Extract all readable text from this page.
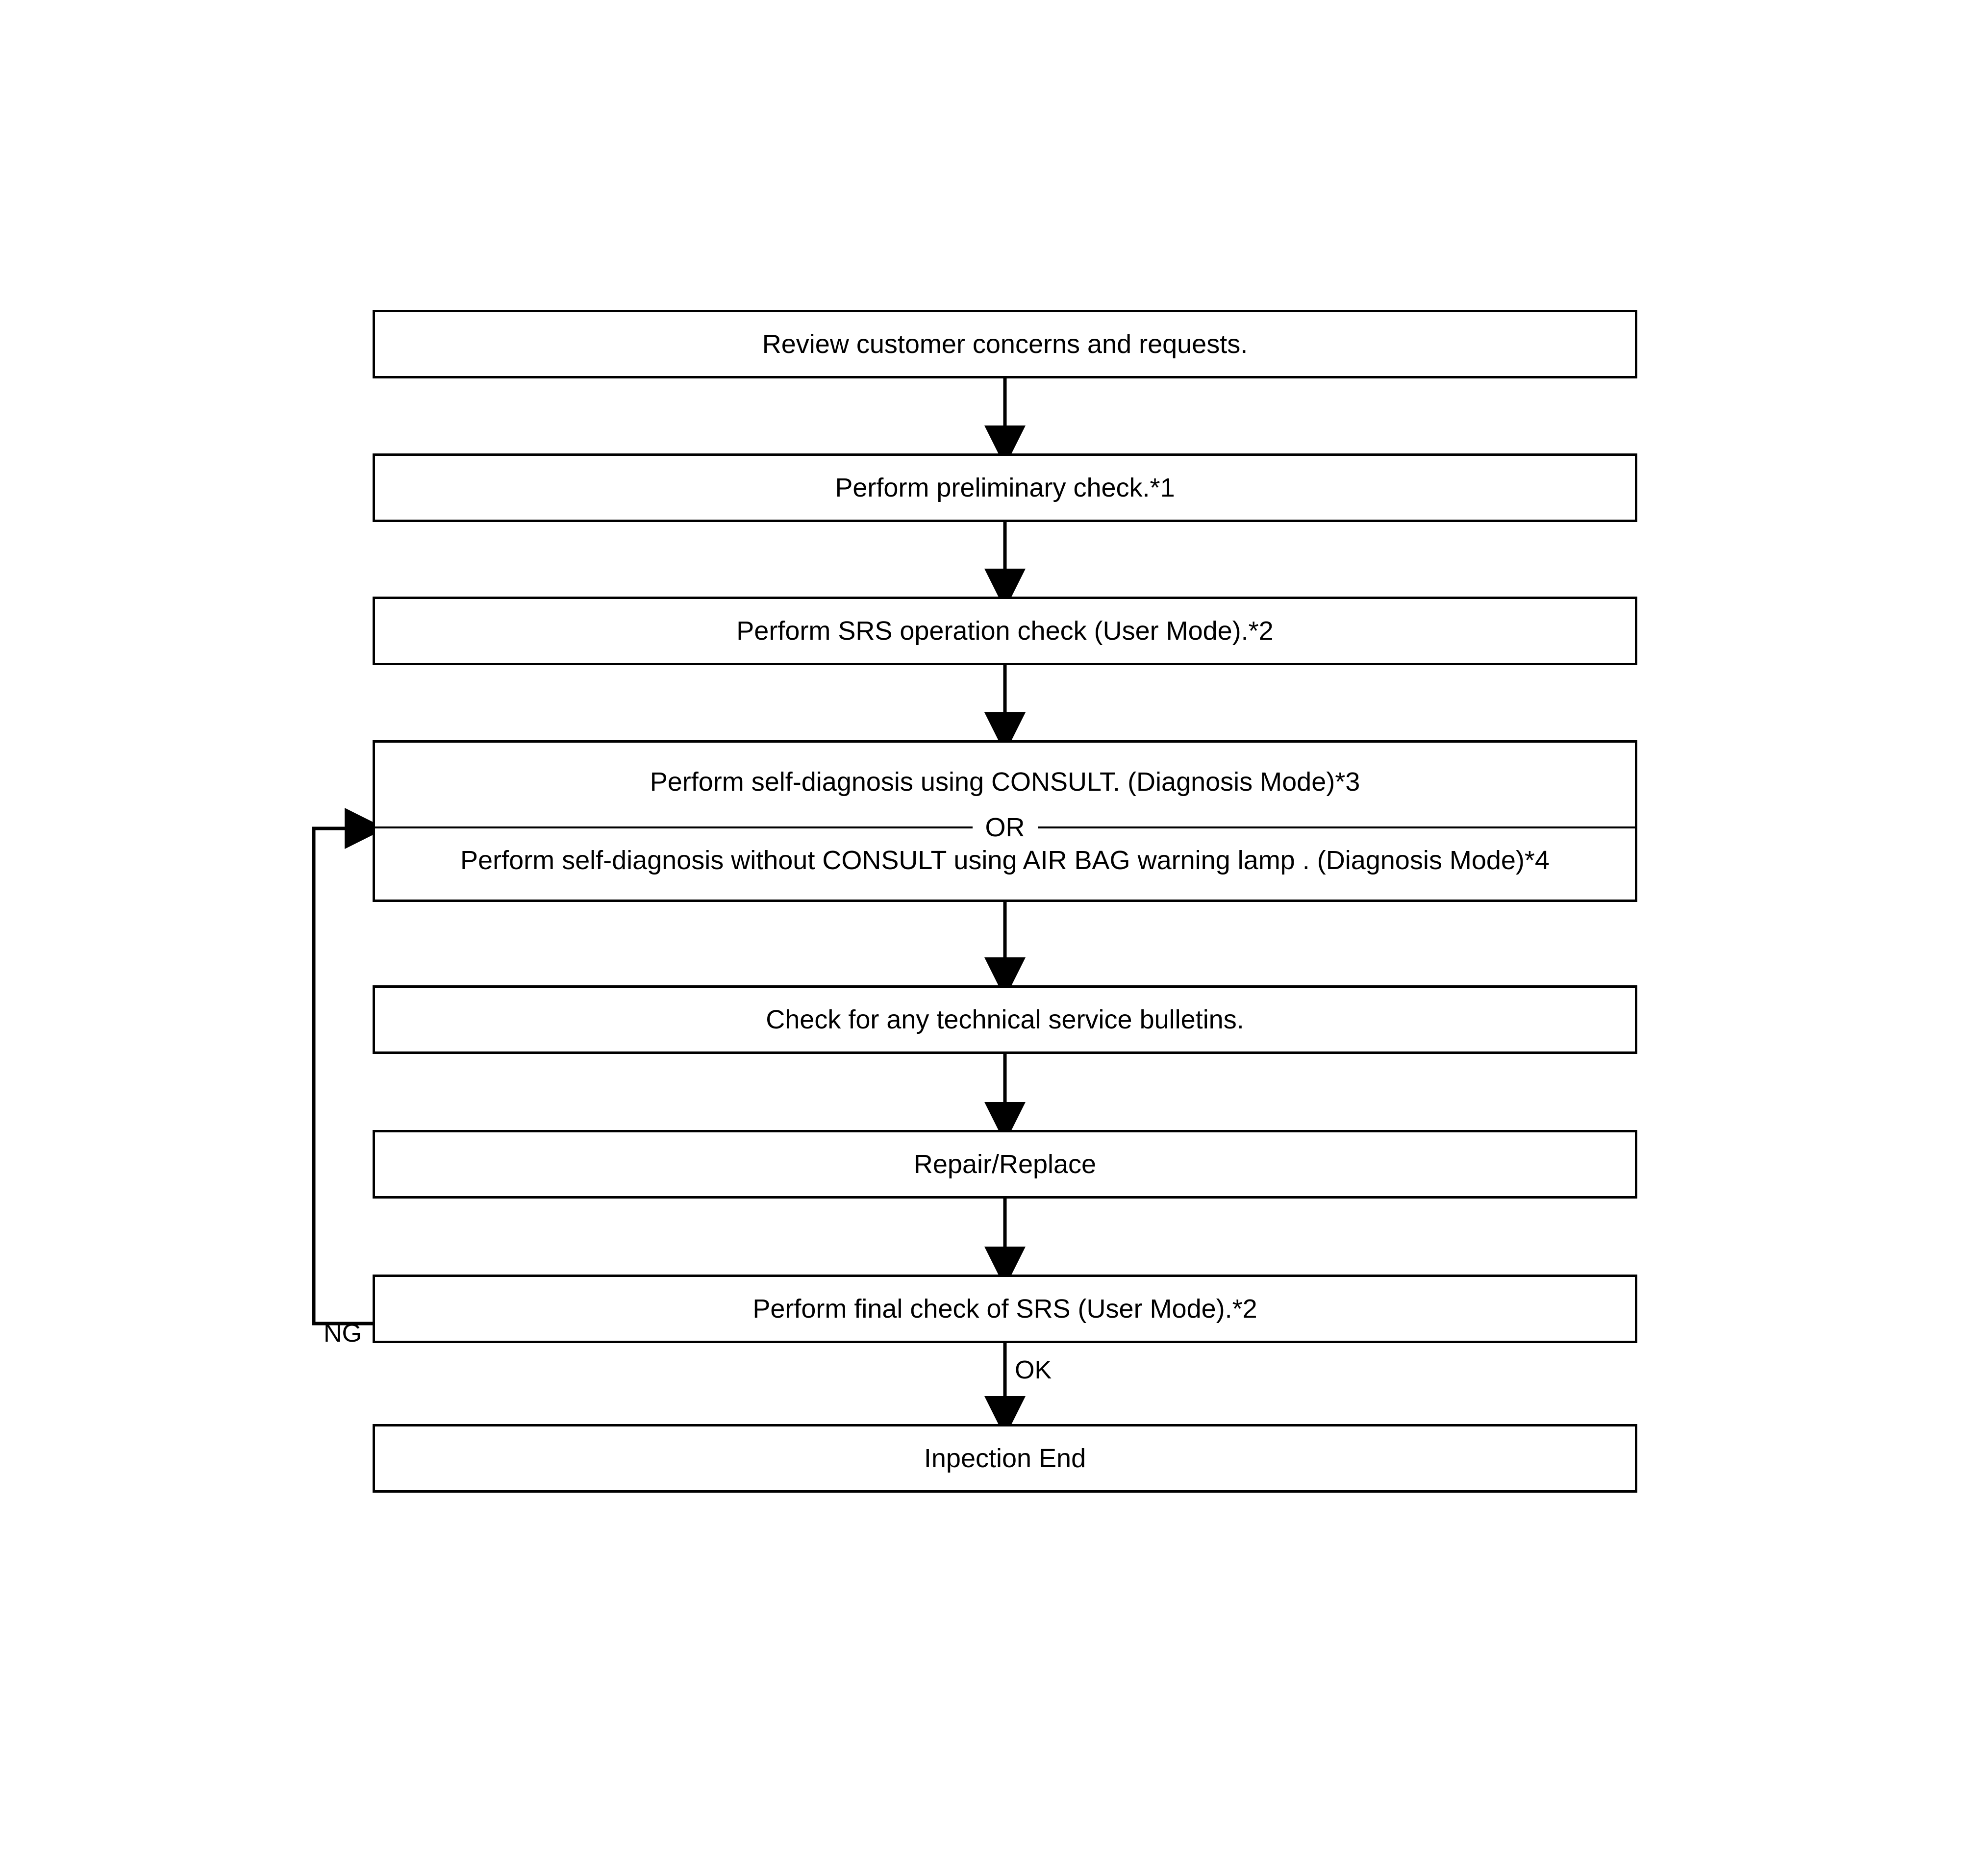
Review customer concerns and requests.
Perform preliminary check.*1
Perform SRS operation check (User Mode).*2
Perform self-diagnosis using CONSULT. (Diagnosis Mode)*3
Perform self-diagnosis without CONSULT using AIR BAG warning lamp . (Diagnosis Mode)*4
OR
Check for any technical service bulletins.
Repair/Replace
Perform final check of SRS (User Mode).*2
Inpection End
NG
OK
